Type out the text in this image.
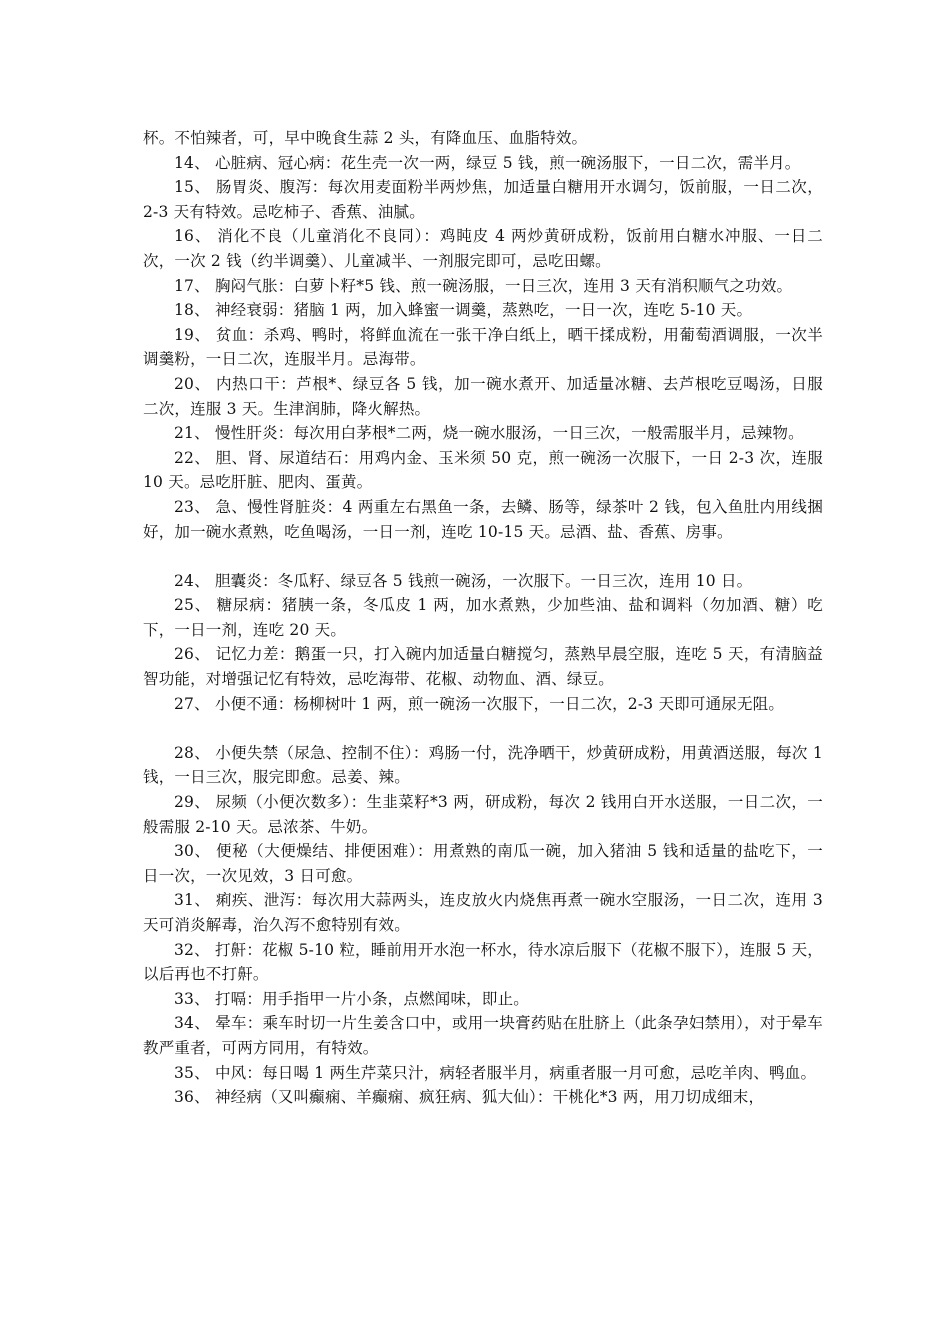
杯。不怕辣者，可，早中晚食生蒜 2 头，有降血压、血脂特效。

14、 心脏病、冠心病：花生壳一次一两，绿豆 5 钱，煎一碗汤服下，一日二次，需半月。

15、 肠胃炎、腹泻：每次用麦面粉半两炒焦，加适量白糖用开水调匀，饭前服，一日二次，2-3 天有特效。忌吃柿子、香蕉、油腻。

16、 消化不良（儿童消化不良同）：鸡盹皮 4 两炒黄研成粉，饭前用白糖水冲服、一日二次，一次 2 钱（约半调羹）、儿童减半、一剂服完即可，忌吃田螺。

17、 胸闷气胀：白萝卜籽*5 钱、煎一碗汤服，一日三次，连用 3 天有消积顺气之功效。

18、 神经衰弱：猪脑 1 两，加入蜂蜜一调羹，蒸熟吃，一日一次，连吃 5-10 天。

19、 贫血：杀鸡、鸭时，将鲜血流在一张干净白纸上，晒干揉成粉，用葡萄酒调服，一次半调羹粉，一日二次，连服半月。忌海带。

20、 内热口干：芦根*、绿豆各 5 钱，加一碗水煮开、加适量冰糖、去芦根吃豆喝汤，日服二次，连服 3 天。生津润肺，降火解热。

21、 慢性肝炎：每次用白茅根*二两，烧一碗水服汤，一日三次，一般需服半月，忌辣物。

22、 胆、肾、尿道结石：用鸡内金、玉米须 50 克，煎一碗汤一次服下，一日 2-3 次，连服 10 天。忌吃肝脏、肥肉、蛋黄。

23、 急、慢性肾脏炎：4 两重左右黑鱼一条，去鳞、肠等，绿茶叶 2 钱，包入鱼肚内用线捆好，加一碗水煮熟，吃鱼喝汤，一日一剂，连吃 10-15 天。忌酒、盐、香蕉、房事。

24、 胆囊炎：冬瓜籽、绿豆各 5 钱煎一碗汤，一次服下。一日三次，连用 10 日。

25、 糖尿病：猪胰一条，冬瓜皮 1 两，加水煮熟，少加些油、盐和调料（勿加酒、糖）吃下，一日一剂，连吃 20 天。

26、 记忆力差：鹅蛋一只，打入碗内加适量白糖搅匀，蒸熟早晨空服，连吃 5 天，有清脑益智功能，对增强记忆有特效，忌吃海带、花椒、动物血、酒、绿豆。

27、 小便不通：杨柳树叶 1 两，煎一碗汤一次服下，一日二次，2-3 天即可通尿无阻。

28、 小便失禁（尿急、控制不住）：鸡肠一付，洗净晒干，炒黄研成粉，用黄酒送服，每次 1 钱，一日三次，服完即愈。忌姜、辣。

29、 尿频（小便次数多）：生韭菜籽*3 两，研成粉，每次 2 钱用白开水送服，一日二次，一般需服 2-10 天。忌浓茶、牛奶。

30、 便秘（大便燥结、排便困难）：用煮熟的南瓜一碗，加入猪油 5 钱和适量的盐吃下，一日一次，一次见效，3 日可愈。

31、 痢疾、泄泻：每次用大蒜两头，连皮放火内烧焦再煮一碗水空服汤，一日二次，连用 3 天可消炎解毒，治久泻不愈特别有效。

32、 打鼾：花椒 5-10 粒，睡前用开水泡一杯水，待水凉后服下（花椒不服下），连服 5 天，以后再也不打鼾。

33、 打嗝：用手指甲一片小条，点燃闻味，即止。

34、 晕车：乘车时切一片生姜含口中，或用一块膏药贴在肚脐上（此条孕妇禁用），对于晕车教严重者，可两方同用，有特效。

35、 中风：每日喝 1 两生芹菜只汁，病轻者服半月，病重者服一月可愈，忌吃羊肉、鸭血。

36、 神经病（又叫癫痫、羊癫痫、疯狂病、狐大仙）：干桃化*3 两，用刀切成细末，
